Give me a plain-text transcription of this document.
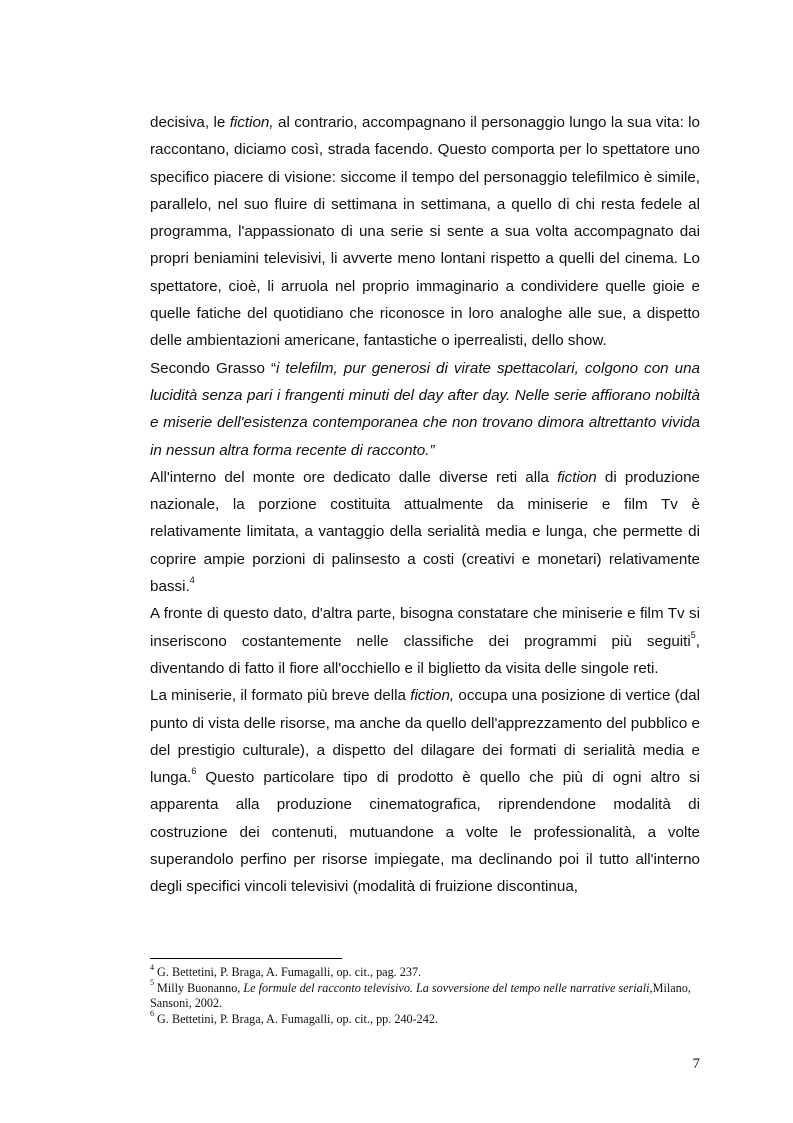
decisiva, le fiction, al contrario, accompagnano il personaggio lungo la sua vita: lo raccontano, diciamo così, strada facendo. Questo comporta per lo spettatore uno specifico piacere di visione: siccome il tempo del personaggio telefilmico è simile, parallelo, nel suo fluire di settimana in settimana, a quello di chi resta fedele al programma, l'appassionato di una serie si sente a sua volta accompagnato dai propri beniamini televisivi, li avverte meno lontani rispetto a quelli del cinema. Lo spettatore, cioè, li arruola nel proprio immaginario a condividere quelle gioie e quelle fatiche del quotidiano che riconosce in loro analoghe alle sue, a dispetto delle ambientazioni americane, fantastiche o iperrealisti, dello show.

Secondo Grasso “i telefilm, pur generosi di virate spettacolari, colgono con una lucidità senza pari i frangenti minuti del day after day. Nelle serie affiorano nobiltà e miserie dell'esistenza contemporanea che non trovano dimora altrettanto vivida in nessun altra forma recente di racconto.”

All'interno del monte ore dedicato dalle diverse reti alla fiction di produzione nazionale, la porzione costituita attualmente da miniserie e film Tv è relativamente limitata, a vantaggio della serialità media e lunga, che permette di coprire ampie porzioni di palinsesto a costi (creativi e monetari) relativamente bassi.$^4$

A fronte di questo dato, d'altra parte, bisogna constatare che miniserie e film Tv si inseriscono costantemente nelle classifiche dei programmi più seguiti$^5$, diventando di fatto il fiore all'occhiello e il biglietto da visita delle singole reti.

La miniserie, il formato più breve della fiction, occupa una posizione di vertice (dal punto di vista delle risorse, ma anche da quello dell'apprezzamento del pubblico e del prestigio culturale), a dispetto del dilagare dei formati di serialità media e lunga.$^6$ Questo particolare tipo di prodotto è quello che più di ogni altro si apparenta alla produzione cinematografica, riprendendone modalità di costruzione dei contenuti, mutuandone a volte le professionalità, a volte superandolo perfino per risorse impiegate, ma declinando poi il tutto all'interno degli specifici vincoli televisivi (modalità di fruizione discontinua,

$^4$ G. Bettetini, P. Braga, A. Fumagalli, op. cit., pag. 237.

$^5$ Milly Buonanno, Le formule del racconto televisivo. La sovversione del tempo nelle narrative seriali,Milano, Sansoni, 2002.

$^6$ G. Bettetini, P. Braga, A. Fumagalli, op. cit., pp. 240-242.

7
